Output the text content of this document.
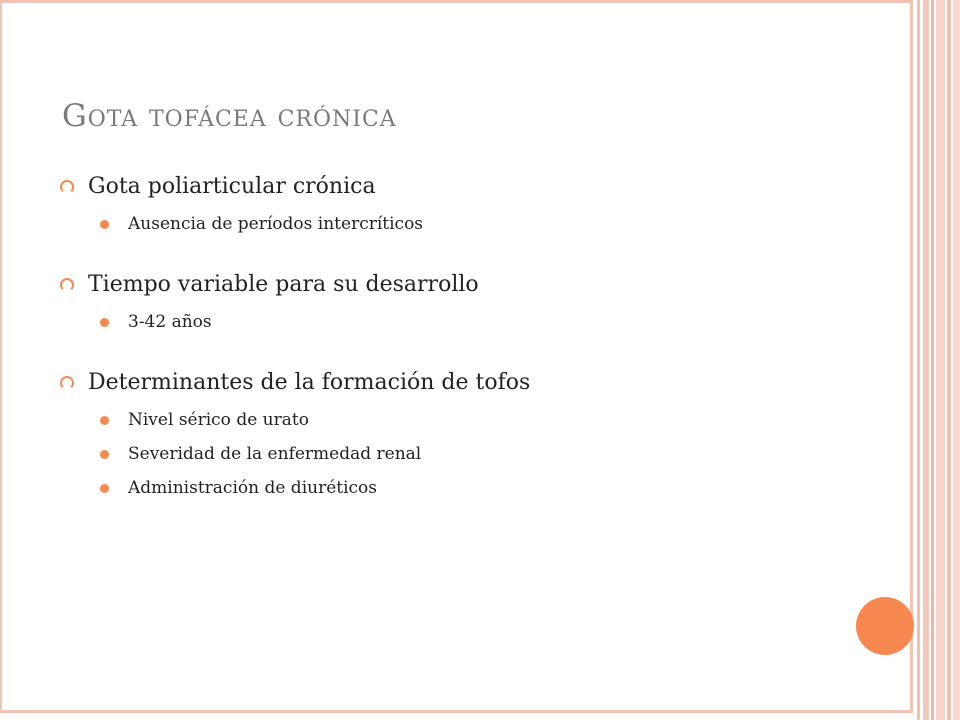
Gota tofácea crónica
Gota poliarticular crónica
Ausencia de períodos intercríticos
Tiempo variable para su desarrollo
3-42 años
Determinantes de la formación de tofos
Nivel sérico de urato
Severidad de la enfermedad renal
Administración de diuréticos
